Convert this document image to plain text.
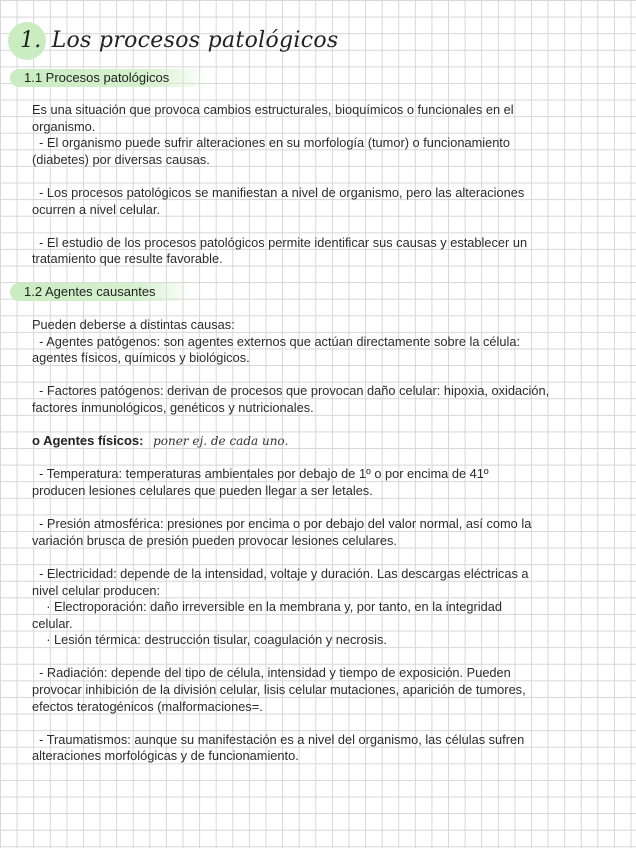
1. Los procesos patológicos
1.1 Procesos patológicos

Es una situación que provoca cambios estructurales, bioquímicos o funcionales en el

organismo.

- El organismo puede sufrir alteraciones en su morfología (tumor) o funcionamiento

(diabetes) por diversas causas.

- Los procesos patológicos se manifiestan a nivel de organismo, pero las alteraciones

ocurren a nivel celular.

- El estudio de los procesos patológicos permite identificar sus causas y establecer un

tratamiento que resulte favorable.

1.2 Agentes causantes

Pueden deberse a distintas causas:

- Agentes patógenos: son agentes externos que actúan directamente sobre la célula:

agentes físicos, químicos y biológicos.

- Factores patógenos: derivan de procesos que provocan daño celular: hipoxia, oxidación,

factores inmunológicos, genéticos y nutricionales.

o Agentes físicos: poner ej. de cada uno.

- Temperatura: temperaturas ambientales por debajo de 1º o por encima de 41º

producen lesiones celulares que pueden llegar a ser letales.

- Presión atmosférica: presiones por encima o por debajo del valor normal, así como la

variación brusca de presión pueden provocar lesiones celulares.

- Electricidad: depende de la intensidad, voltaje y duración. Las descargas eléctricas a

nivel celular producen:

· Electroporación: daño irreversible en la membrana y, por tanto, en la integridad

celular.

· Lesión térmica: destrucción tisular, coagulación y necrosis.

- Radiación: depende del tipo de célula, intensidad y tiempo de exposición. Pueden

provocar inhibición de la división celular, lisis celular mutaciones, aparición de tumores,

efectos teratogénicos (malformaciones=.

- Traumatismos: aunque su manifestación es a nivel del organismo, las células sufren

alteraciones morfológicas y de funcionamiento.
